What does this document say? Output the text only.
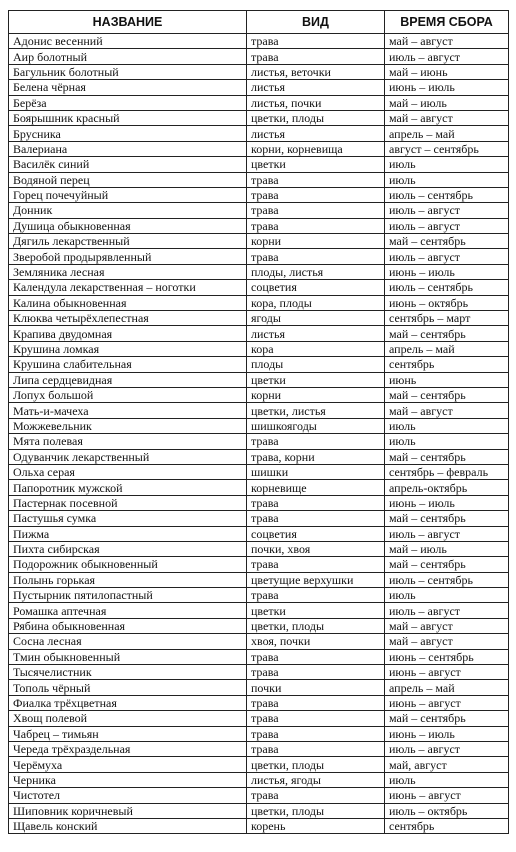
НАЗВАНИЕ	ВИД	ВРЕМЯ СБОРА
Адонис весенний	трава	май – август
Аир болотный	трава	июль – август
Багульник болотный	листья, веточки	май – июнь
Белена чёрная	листья	июнь – июль
Берёза	листья, почки	май – июль
Боярышник красный	цветки, плоды	май – август
Брусника	листья	апрель – май
Валериана	корни, корневища	август – сентябрь
Василёк синий	цветки	июль
Водяной перец	трава	июль
Горец почечуйный	трава	июль – сентябрь
Донник	трава	июль – август
Душица обыкновенная	трава	июль – август
Дягиль лекарственный	корни	май – сентябрь
Зверобой продырявленный	трава	июль – август
Земляника лесная	плоды, листья	июнь – июль
Календула лекарственная – ноготки	соцветия	июль – сентябрь
Калина обыкновенная	кора, плоды	июнь – октябрь
Клюква четырёхлепестная	ягоды	сентябрь – март
Крапива двудомная	листья	май – сентябрь
Крушина ломкая	кора	апрель – май
Крушина слабительная	плоды	сентябрь
Липа сердцевидная	цветки	июнь
Лопух большой	корни	май – сентябрь
Мать-и-мачеха	цветки, листья	май – август
Можжевельник	шишкоягоды	июль
Мята полевая	трава	июль
Одуванчик лекарственный	трава, корни	май – сентябрь
Ольха серая	шишки	сентябрь – февраль
Папоротник мужской	корневище	апрель-октябрь
Пастернак посевной	трава	июнь – июль
Пастушья сумка	трава	май – сентябрь
Пижма	соцветия	июль – август
Пихта сибирская	почки, хвоя	май – июль
Подорожник обыкновенный	трава	май – сентябрь
Полынь горькая	цветущие верхушки	июль – сентябрь
Пустырник пятилопастный	трава	июль
Ромашка аптечная	цветки	июль – август
Рябина обыкновенная	цветки, плоды	май – август
Сосна лесная	хвоя, почки	май – август
Тмин обыкновенный	трава	июнь – сентябрь
Тысячелистник	трава	июнь – август
Тополь чёрный	почки	апрель – май
Фиалка трёхцветная	трава	июнь – август
Хвощ полевой	трава	май – сентябрь
Чабрец – тимьян	трава	июнь – июль
Череда трёхраздельная	трава	июль – август
Черёмуха	цветки, плоды	май, август
Черника	листья, ягоды	июль
Чистотел	трава	июнь – август
Шиповник коричневый	цветки, плоды	июль – октябрь
Щавель конский	корень	сентябрь
